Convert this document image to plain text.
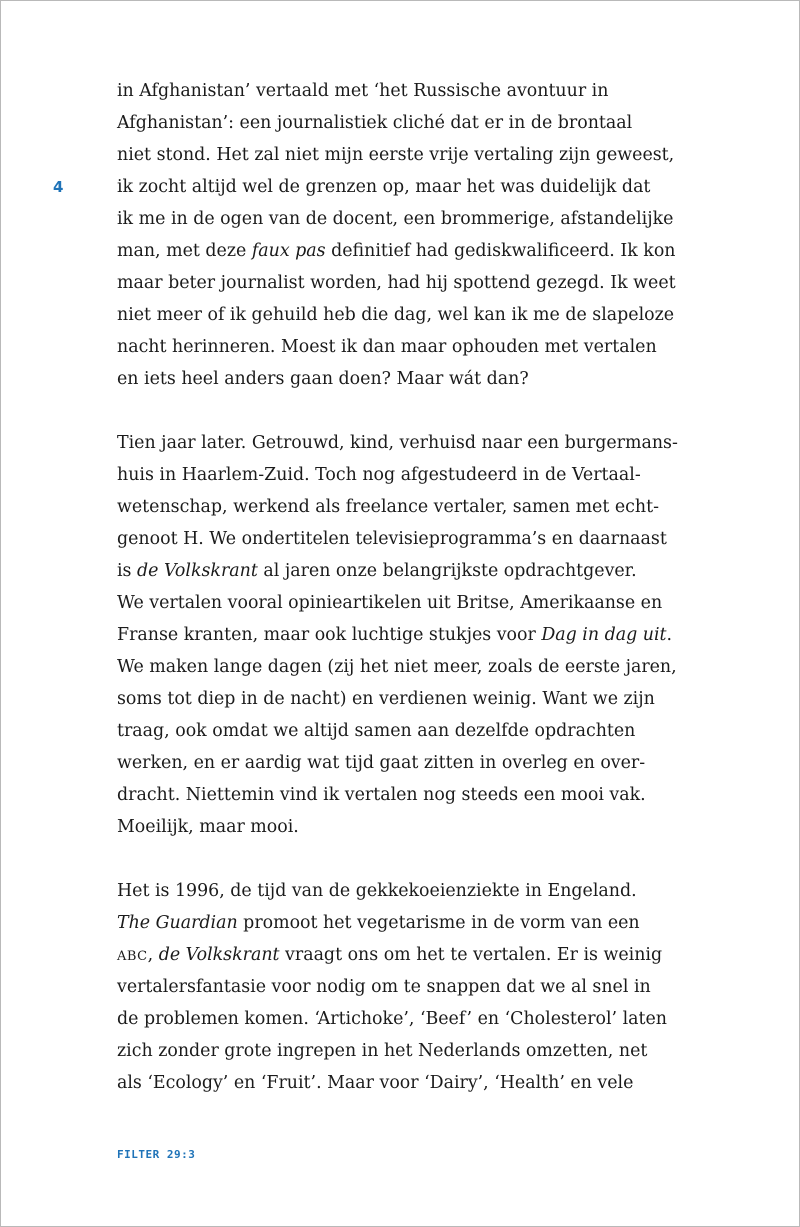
4
in Afghanistan’ vertaald met ‘het Russische avontuur in
Afghanistan’: een journalistiek cliché dat er in de brontaal
niet stond. Het zal niet mijn eerste vrije vertaling zijn geweest,
ik zocht altijd wel de grenzen op, maar het was duidelijk dat
ik me in de ogen van de docent, een brommerige, afstandelijke
man, met deze faux pas definitief had gediskwalificeerd. Ik kon
maar beter journalist worden, had hij spottend gezegd. Ik weet
niet meer of ik gehuild heb die dag, wel kan ik me de slapeloze
nacht herinneren. Moest ik dan maar ophouden met vertalen
en iets heel anders gaan doen? Maar wát dan?
Tien jaar later. Getrouwd, kind, verhuisd naar een burgermans-
huis in Haarlem-Zuid. Toch nog afgestudeerd in de Vertaal-
wetenschap, werkend als freelance vertaler, samen met echt-
genoot H. We ondertitelen televisieprogramma’s en daarnaast
is de Volkskrant al jaren onze belangrijkste opdrachtgever.
We vertalen vooral opinieartikelen uit Britse, Amerikaanse en
Franse kranten, maar ook luchtige stukjes voor Dag in dag uit.
We maken lange dagen (zij het niet meer, zoals de eerste jaren,
soms tot diep in de nacht) en verdienen weinig. Want we zijn
traag, ook omdat we altijd samen aan dezelfde opdrachten
werken, en er aardig wat tijd gaat zitten in overleg en over-
dracht. Niettemin vind ik vertalen nog steeds een mooi vak.
Moeilijk, maar mooi.
Het is 1996, de tijd van de gekkekoeienziekte in Engeland.
The Guardian promoot het vegetarisme in de vorm van een
ABC, de Volkskrant vraagt ons om het te vertalen. Er is weinig
vertalersfantasie voor nodig om te snappen dat we al snel in
de problemen komen. ‘Artichoke’, ‘Beef’ en ‘Cholesterol’ laten
zich zonder grote ingrepen in het Nederlands omzetten, net
als ‘Ecology’ en ‘Fruit’. Maar voor ‘Dairy’, ‘Health’ en vele
FILTER 29:3
